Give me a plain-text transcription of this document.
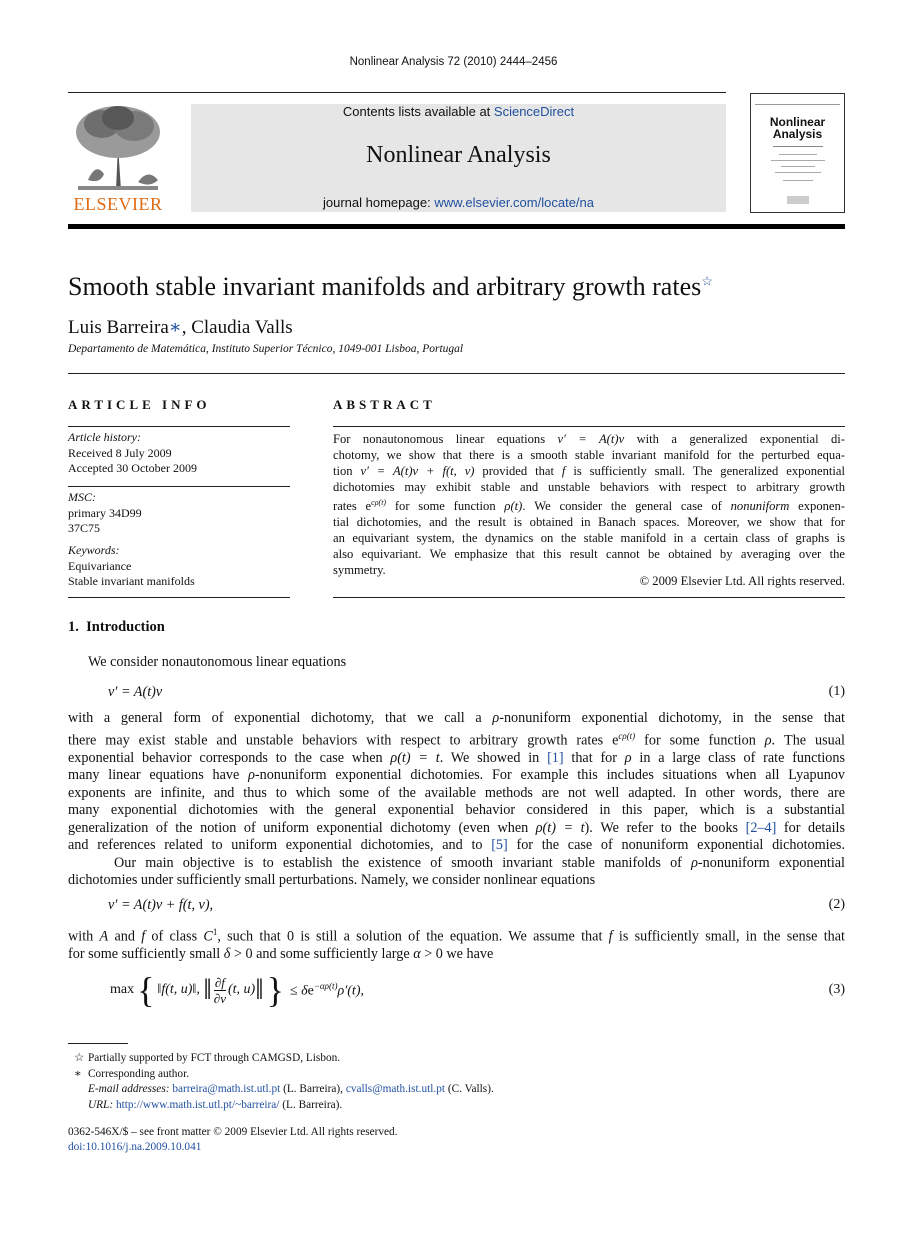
Nonlinear Analysis 72 (2010) 2444–2456
ELSEVIER
Contents lists available at ScienceDirect
Nonlinear Analysis
journal homepage: www.elsevier.com/locate/na
Nonlinear
Analysis
Smooth stable invariant manifolds and arbitrary growth rates☆
Luis Barreira∗, Claudia Valls
Departamento de Matemática, Instituto Superior Técnico, 1049-001 Lisboa, Portugal
ARTICLE INFO
Article history:
Received 8 July 2009
Accepted 30 October 2009
MSC:
primary 34D99
37C75
Keywords:
Equivariance
Stable invariant manifolds
ABSTRACT
For nonautonomous linear equations v′ = A(t)v with a generalized exponential di-
chotomy, we show that there is a smooth stable invariant manifold for the perturbed equa-
tion v′ = A(t)v + f(t, v) provided that f is sufficiently small. The generalized exponential
dichotomies may exhibit stable and unstable behaviors with respect to arbitrary growth
rates $e^{c\rho(t)}$ for some function ρ(t). We consider the general case of nonuniform exponen-
tial dichotomies, and the result is obtained in Banach spaces. Moreover, we show that for
an equivariant system, the dynamics on the stable manifold in a certain class of graphs is
also equivariant. We emphasize that this result cannot be obtained by averaging over the
symmetry.
© 2009 Elsevier Ltd. All rights reserved.
1. Introduction
We consider nonautonomous linear equations
v′ = A(t)v	(1)
with a general form of exponential dichotomy, that we call a ρ-nonuniform exponential dichotomy, in the sense that
there may exist stable and unstable behaviors with respect to arbitrary growth rates $e^{c\rho(t)}$ for some function ρ. The usual
exponential behavior corresponds to the case when ρ(t) = t. We showed in [1] that for ρ in a large class of rate functions
many linear equations have ρ-nonuniform exponential dichotomies. For example this includes situations when all Lyapunov
exponents are infinite, and thus to which some of the available methods are not well adapted. In other words, there are
many exponential dichotomies with the general exponential behavior considered in this paper, which is a substantial
generalization of the notion of uniform exponential dichotomy (even when ρ(t) = t). We refer to the books [2–4] for details
and references related to uniform exponential dichotomies, and to [5] for the case of nonuniform exponential dichotomies.
Our main objective is to establish the existence of smooth invariant stable manifolds of ρ-nonuniform exponential
dichotomies under sufficiently small perturbations. Namely, we consider nonlinear equations
v′ = A(t)v + f(t, v),	(2)
with A and f of class $C^1$, such that 0 is still a solution of the equation. We assume that f is sufficiently small, in the sense that
for some sufficiently small δ > 0 and some sufficiently large α > 0 we have
max { ‖f(t, u)‖, ‖ ∂f
∂v
(t, u) ‖ } ≤ $\delta e^{-\alpha\rho(t)}\rho'(t)$,	(3)
☆ Partially supported by FCT through CAMGSD, Lisbon.
∗ Corresponding author.
E-mail addresses: barreira@math.ist.utl.pt (L. Barreira), cvalls@math.ist.utl.pt (C. Valls).
URL: http://www.math.ist.utl.pt/~barreira/ (L. Barreira).
0362-546X/$ – see front matter © 2009 Elsevier Ltd. All rights reserved.
doi:10.1016/j.na.2009.10.041
